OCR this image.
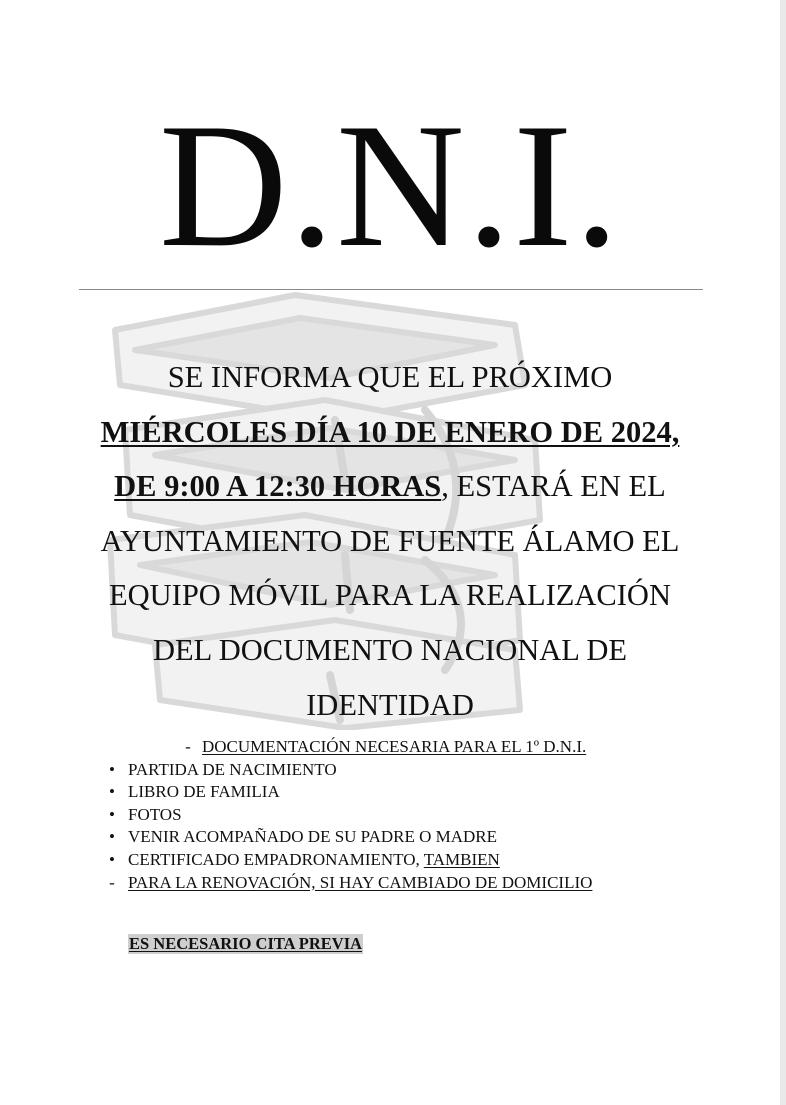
D.N.I.
SE INFORMA QUE EL PRÓXIMO
MIÉRCOLES DÍA 10 DE ENERO DE 2024,
DE 9:00 A 12:30 HORAS, ESTARÁ EN EL
AYUNTAMIENTO DE FUENTE ÁLAMO EL
EQUIPO MÓVIL PARA LA REALIZACIÓN
DEL DOCUMENTO NACIONAL DE
IDENTIDAD
- DOCUMENTACIÓN NECESARIA PARA EL 1º D.N.I.
• PARTIDA DE NACIMIENTO
• LIBRO DE FAMILIA
• FOTOS
• VENIR ACOMPAÑADO DE SU PADRE O MADRE
• CERTIFICADO EMPADRONAMIENTO, TAMBIEN
- PARA LA RENOVACIÓN, SI HAY CAMBIADO DE DOMICILIO
ES NECESARIO CITA PREVIA
